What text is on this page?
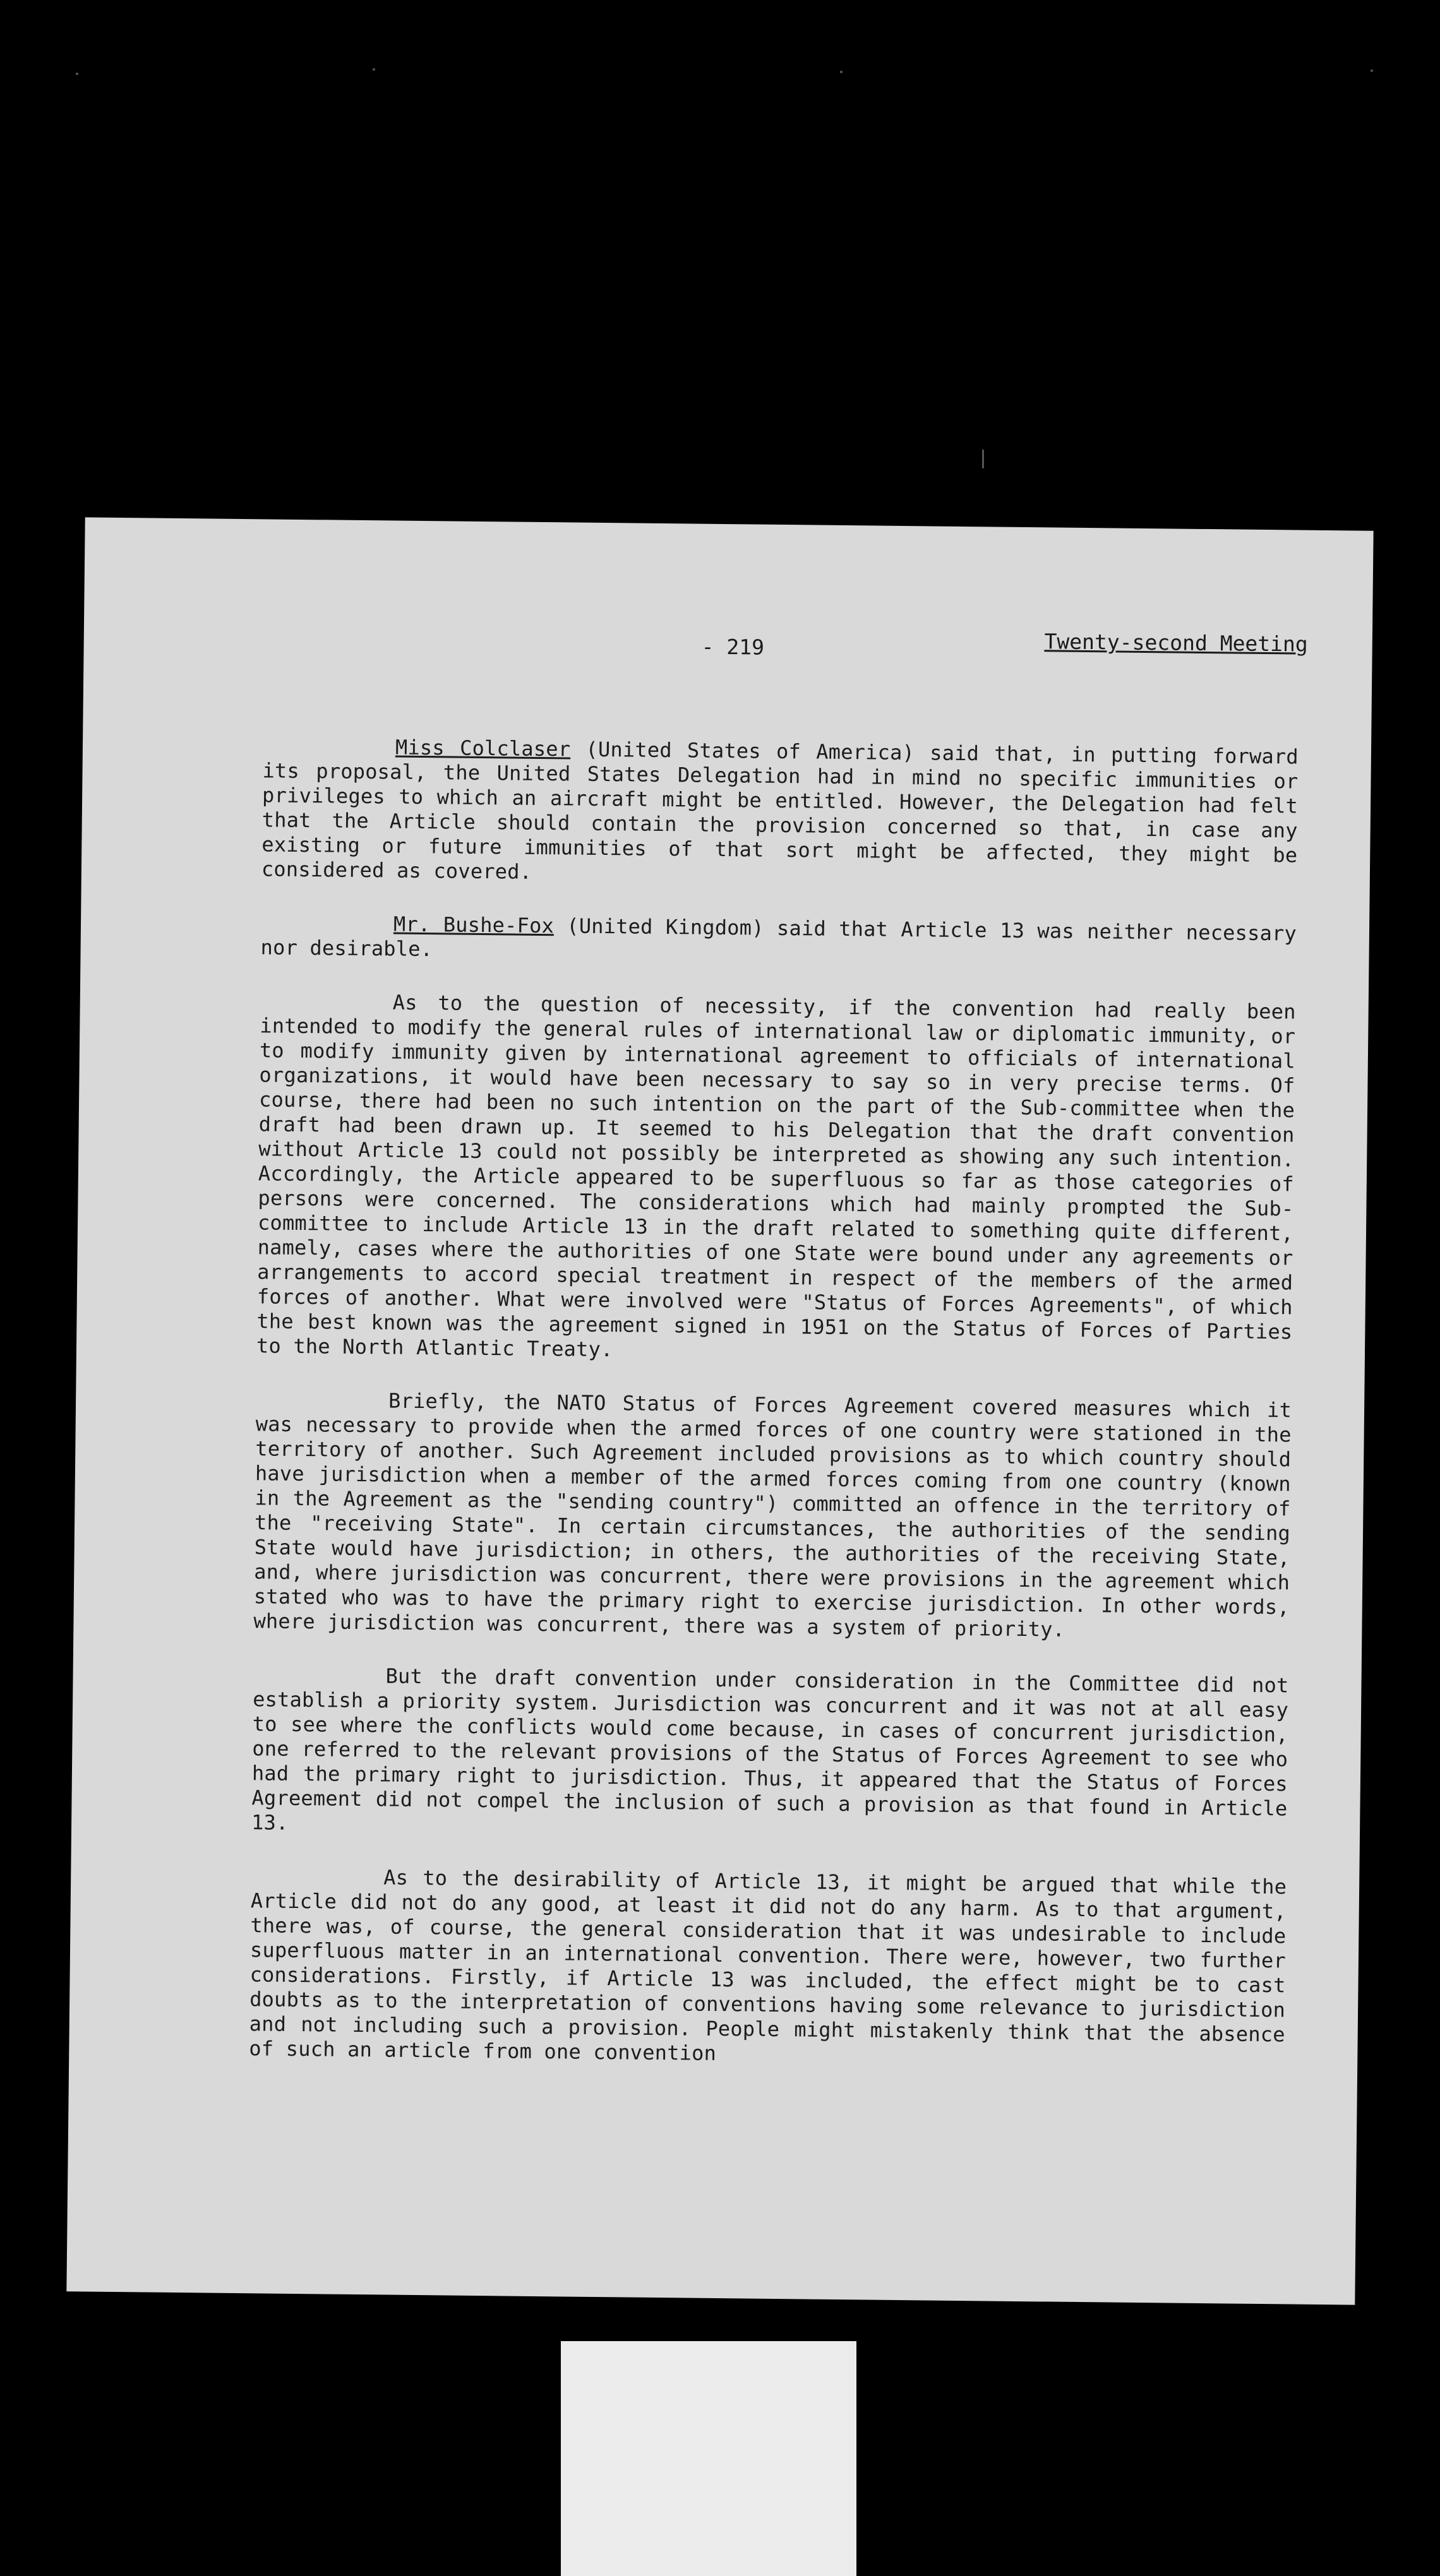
- 219	Twenty-second Meeting

Miss Colclaser (United States of America) said that, in putting forward its proposal, the United States Delegation had in mind no specific immunities or privileges to which an aircraft might be entitled. However, the Delegation had felt that the Article should contain the provision concerned so that, in case any existing or future immunities of that sort might be affected, they might be considered as covered.

Mr. Bushe-Fox (United Kingdom) said that Article 13 was neither necessary nor desirable.

As to the question of necessity, if the convention had really been intended to modify the general rules of international law or diplomatic immunity, or to modify immunity given by international agreement to officials of international organizations, it would have been necessary to say so in very precise terms. Of course, there had been no such intention on the part of the Sub-committee when the draft had been drawn up. It seemed to his Delegation that the draft convention without Article 13 could not possibly be interpreted as showing any such intention. Accordingly, the Article appeared to be superfluous so far as those categories of persons were concerned. The considerations which had mainly prompted the Sub-committee to include Article 13 in the draft related to something quite different, namely, cases where the authorities of one State were bound under any agreements or arrangements to accord special treatment in respect of the members of the armed forces of another. What were involved were "Status of Forces Agreements", of which the best known was the agreement signed in 1951 on the Status of Forces of Parties to the North Atlantic Treaty.

Briefly, the NATO Status of Forces Agreement covered measures which it was necessary to provide when the armed forces of one country were stationed in the territory of another. Such Agreement included provisions as to which country should have jurisdiction when a member of the armed forces coming from one country (known in the Agreement as the "sending country") committed an offence in the territory of the "receiving State". In certain circumstances, the authorities of the sending State would have jurisdiction; in others, the authorities of the receiving State, and, where jurisdiction was concurrent, there were provisions in the agreement which stated who was to have the primary right to exercise jurisdiction. In other words, where jurisdiction was concurrent, there was a system of priority.

But the draft convention under consideration in the Committee did not establish a priority system. Jurisdiction was concurrent and it was not at all easy to see where the conflicts would come because, in cases of concurrent jurisdiction, one referred to the relevant provisions of the Status of Forces Agreement to see who had the primary right to jurisdiction. Thus, it appeared that the Status of Forces Agreement did not compel the inclusion of such a provision as that found in Article 13.

As to the desirability of Article 13, it might be argued that while the Article did not do any good, at least it did not do any harm. As to that argument, there was, of course, the general consideration that it was undesirable to include superfluous matter in an international convention. There were, however, two further considerations. Firstly, if Article 13 was included, the effect might be to cast doubts as to the interpretation of conventions having some relevance to jurisdiction and not including such a provision. People might mistakenly think that the absence of such an article from one convention
